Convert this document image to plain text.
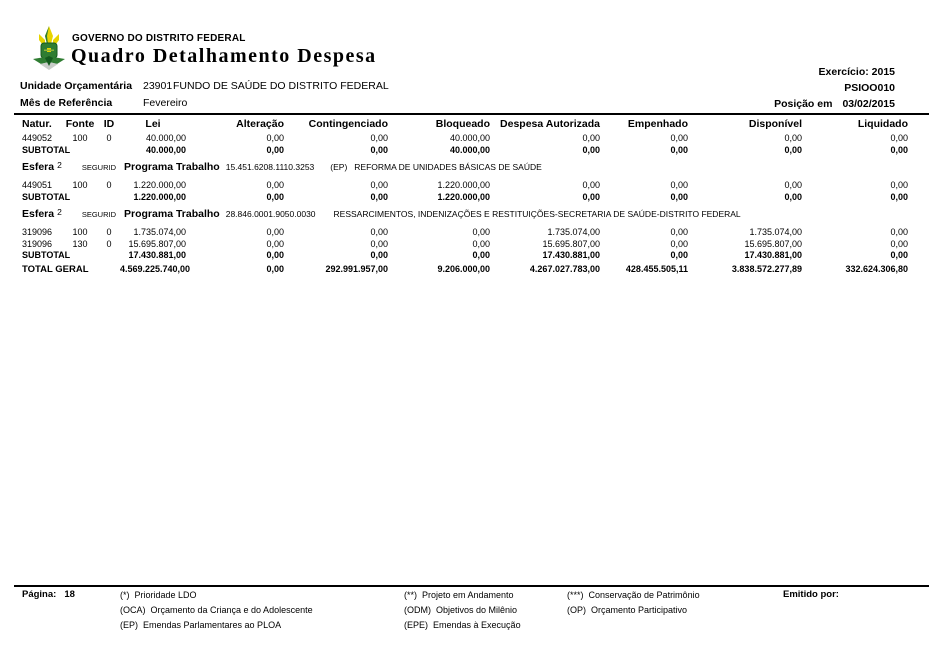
GOVERNO DO DISTRITO FEDERAL
Quadro Detalhamento Despesa
Exercício: 2015
PSIOO010
Posição em 03/02/2015
Unidade Orçamentária 23901 FUNDO DE SAÚDE DO DISTRITO FEDERAL
Mês de Referência	Fevereiro
Natur.	Fonte	ID	Lei	Alteração	Contingenciado	Bloqueado	Despesa Autorizada	Empenhado	Disponível	Liquidado
449052	100	0	40.000,00	0,00	0,00	40.000,00	0,00	0,00	0,00	0,00
SUBTOTAL			40.000,00	0,00	0,00	40.000,00	0,00	0,00	0,00	0,00

Esfera 2	SEGURID Programa Trabalho 15.451.6208.1110.3253 (EP) REFORMA DE UNIDADES BÁSICAS DE SAÚDE

449051	100	0	1.220.000,00	0,00	0,00	1.220.000,00	0,00	0,00	0,00	0,00
SUBTOTAL			1.220.000,00	0,00	0,00	1.220.000,00	0,00	0,00	0,00	0,00

Esfera 2	SEGURID Programa Trabalho 28.846.0001.9050.0030 RESSARCIMENTOS, INDENIZAÇÕES E RESTITUIÇÕES-SECRETARIA DE SAÚDE-DISTRITO FEDERAL

319096	100	0	1.735.074,00	0,00	0,00	0,00	1.735.074,00	0,00	1.735.074,00	0,00
319096	130	0	15.695.807,00	0,00	0,00	0,00	15.695.807,00	0,00	15.695.807,00	0,00
SUBTOTAL			17.430.881,00	0,00	0,00	0,00	17.430.881,00	0,00	17.430.881,00	0,00
TOTAL GERAL			4.569.225.740,00	0,00	292.991.957,00	9.206.000,00	4.267.027.783,00	428.455.505,11	3.838.572.277,89	332.624.306,80
Página: 18	(*) Prioridade LDO
(OCA) Orçamento da Criança e do Adolescente
(EP) Emendas Parlamentares ao PLOA
(**) Projeto em Andamento
(ODM) Objetivos do Milênio
(EPE) Emendas à Execução
(***) Conservação de Patrimônio
(OP) Orçamento Participativo
Emitido por:
